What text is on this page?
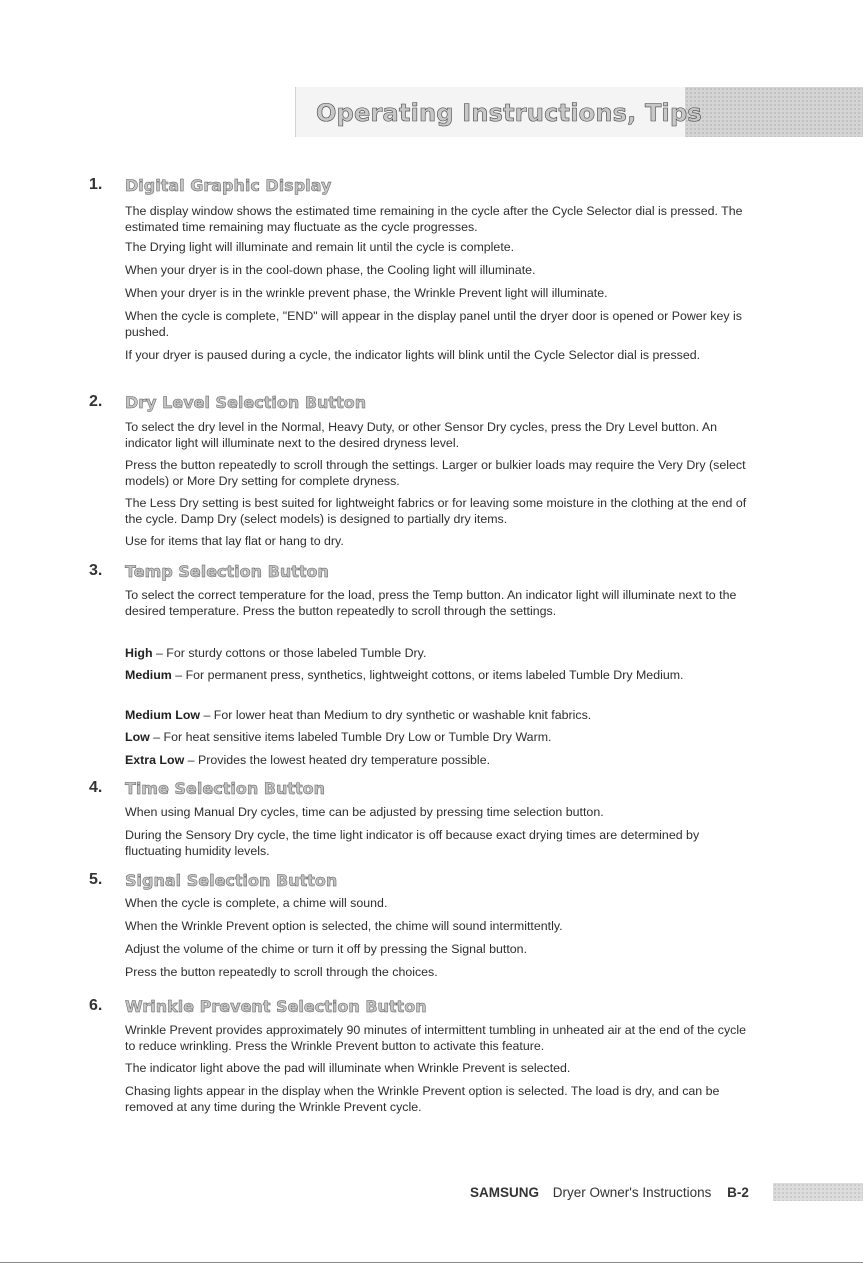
Operating Instructions, Tips
1. Digital Graphic Display
The display window shows the estimated time remaining in the cycle after the Cycle Selector dial is pressed. The estimated time remaining may fluctuate as the cycle progresses.
The Drying light will illuminate and remain lit until the cycle is complete.
When your dryer is in the cool-down phase, the Cooling light will illuminate.
When your dryer is in the wrinkle prevent phase, the Wrinkle Prevent light will illuminate.
When the cycle is complete, "END" will appear in the display panel until the dryer door is opened or Power key is pushed.
If your dryer is paused during a cycle, the indicator lights will blink until the Cycle Selector dial is pressed.
2. Dry Level Selection Button
To select the dry level in the Normal, Heavy Duty, or other Sensor Dry cycles, press the Dry Level button. An indicator light will illuminate next to the desired dryness level.
Press the button repeatedly to scroll through the settings. Larger or bulkier loads may require the Very Dry (select models) or More Dry setting for complete dryness.
The Less Dry setting is best suited for lightweight fabrics or for leaving some moisture in the clothing at the end of the cycle. Damp Dry (select models) is designed to partially dry items.
Use for items that lay flat or hang to dry.
3. Temp Selection Button
To select the correct temperature for the load, press the Temp button. An indicator light will illuminate next to the desired temperature. Press the button repeatedly to scroll through the settings.
High – For sturdy cottons or those labeled Tumble Dry.
Medium – For permanent press, synthetics, lightweight cottons, or items labeled Tumble Dry Medium.
Medium Low – For lower heat than Medium to dry synthetic or washable knit fabrics.
Low – For heat sensitive items labeled Tumble Dry Low or Tumble Dry Warm.
Extra Low – Provides the lowest heated dry temperature possible.
4. Time Selection Button
When using Manual Dry cycles, time can be adjusted by pressing time selection button.
During the Sensory Dry cycle, the time light indicator is off because exact drying times are determined by fluctuating humidity levels.
5. Signal Selection Button
When the cycle is complete, a chime will sound.
When the Wrinkle Prevent option is selected, the chime will sound intermittently.
Adjust the volume of the chime or turn it off by pressing the Signal button.
Press the button repeatedly to scroll through the choices.
6. Wrinkle Prevent Selection Button
Wrinkle Prevent provides approximately 90 minutes of intermittent tumbling in unheated air at the end of the cycle to reduce wrinkling. Press the Wrinkle Prevent button to activate this feature.
The indicator light above the pad will illuminate when Wrinkle Prevent is selected.
Chasing lights appear in the display when the Wrinkle Prevent option is selected. The load is dry, and can be removed at any time during the Wrinkle Prevent cycle.
SAMSUNG Dryer Owner's Instructions B-2
